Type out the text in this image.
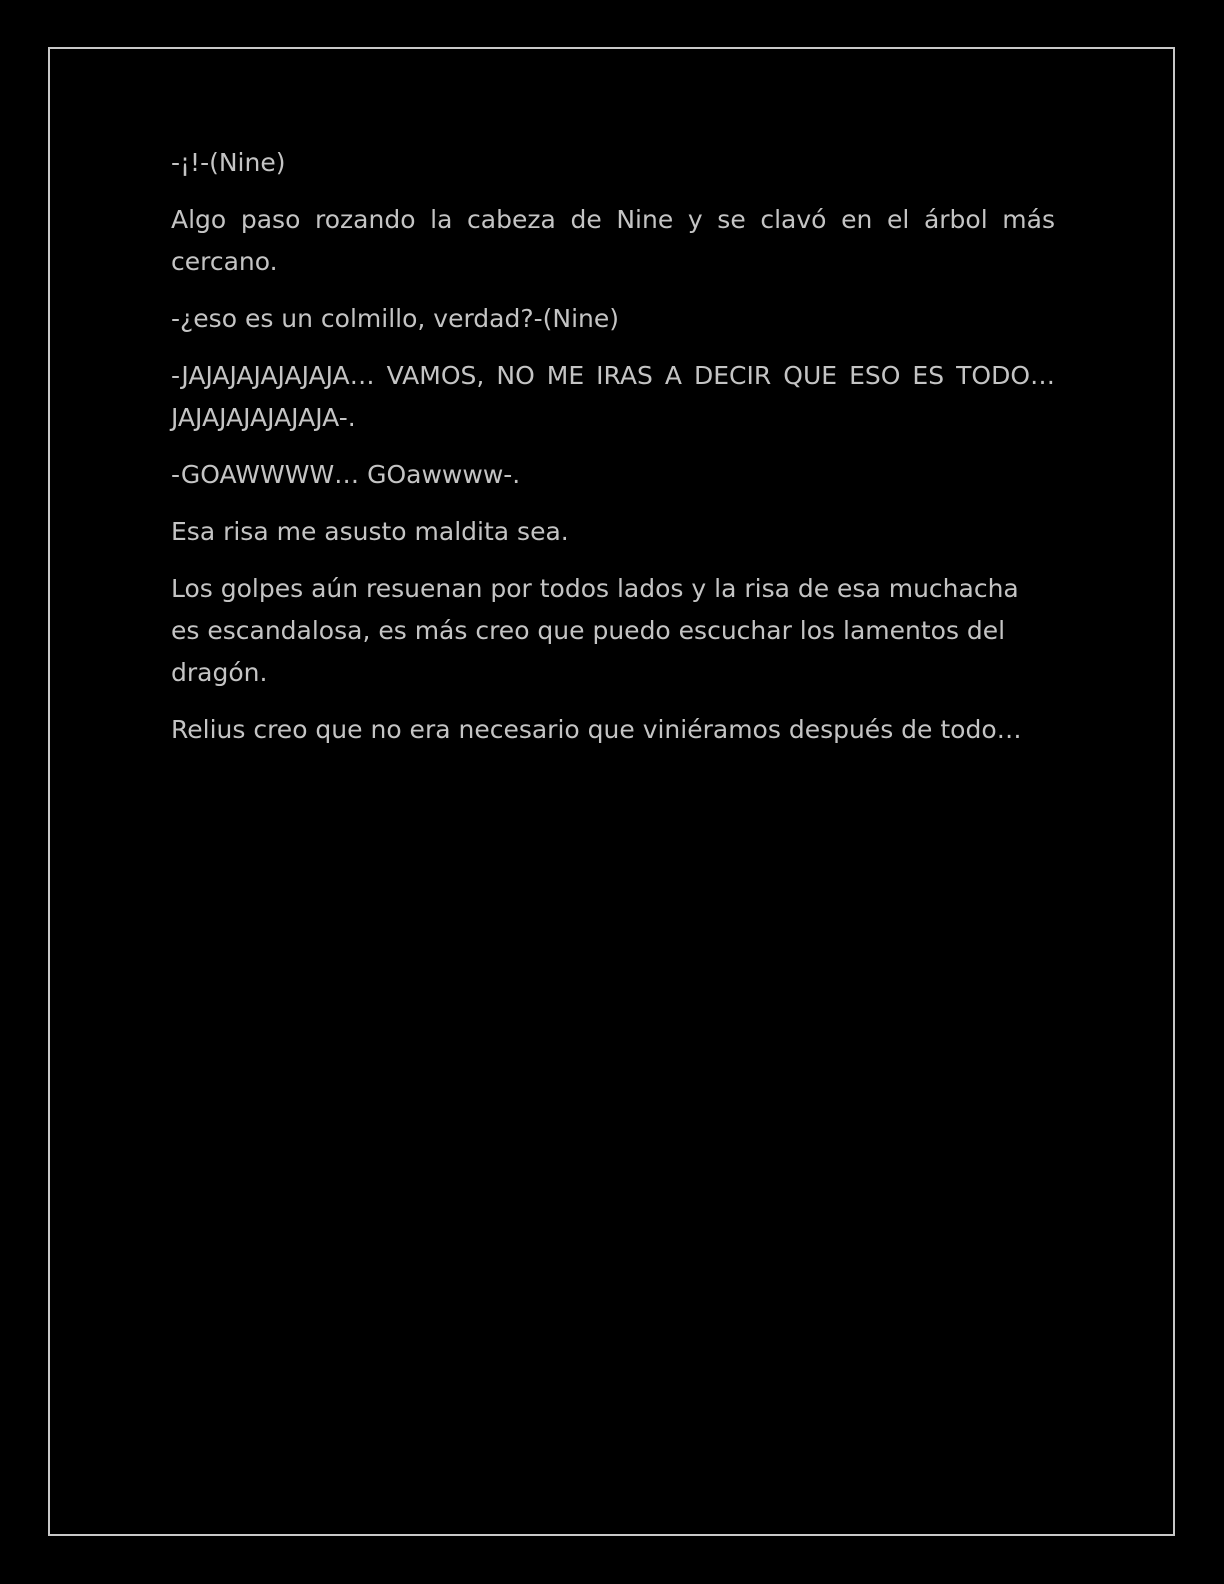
-¡!-(Nine)

Algo paso rozando la cabeza de Nine y se clavó en el árbol más cercano.

-¿eso es un colmillo, verdad?-(Nine)

-JAJAJAJAJAJAJA… VAMOS, NO ME IRAS A DECIR QUE ESO ES TODO… JAJAJAJAJAJAJA-.

-GOAWWWW… GOawwww-.

Esa risa me asusto maldita sea.

Los golpes aún resuenan por todos lados y la risa de esa muchacha es escandalosa, es más creo que puedo escuchar los lamentos del dragón.

Relius creo que no era necesario que viniéramos después de todo…
